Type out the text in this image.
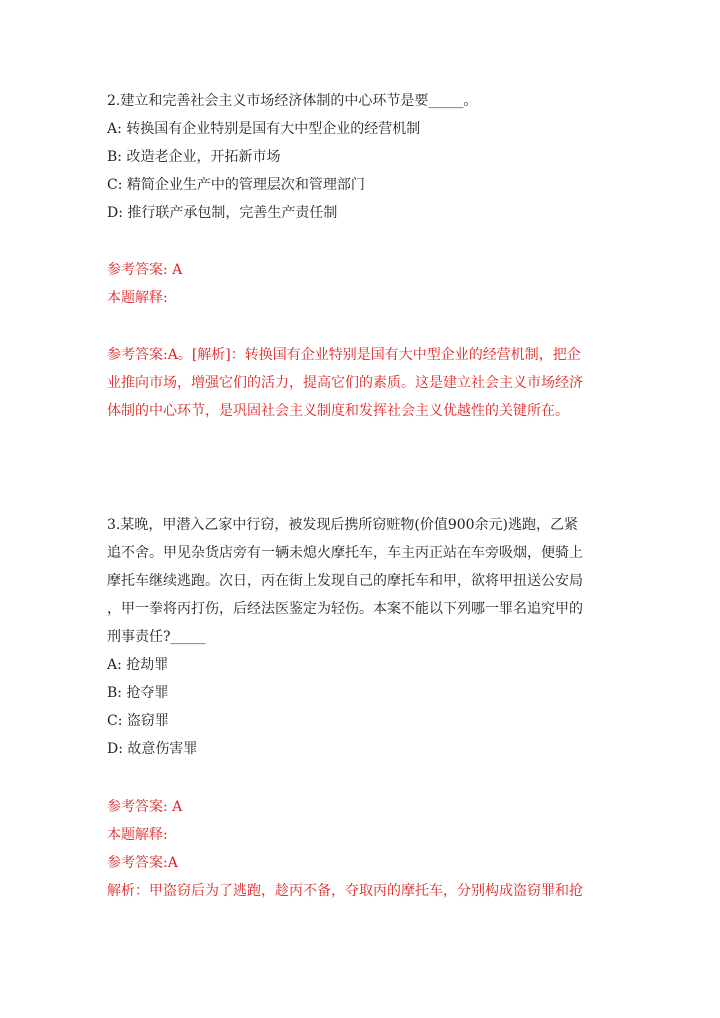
2.建立和完善社会主义市场经济体制的中心环节是要_____。
A: 转换国有企业特别是国有大中型企业的经营机制
B: 改造老企业，开拓新市场
C: 精简企业生产中的管理层次和管理部门
D: 推行联产承包制，完善生产责任制
参考答案: A
本题解释:
参考答案:A。[解析]：转换国有企业特别是国有大中型企业的经营机制，把企
业推向市场，增强它们的活力，提高它们的素质。这是建立社会主义市场经济
体制的中心环节，是巩固社会主义制度和发挥社会主义优越性的关键所在。
3.某晚，甲潜入乙家中行窃，被发现后携所窃赃物(价值900余元)逃跑，乙紧
追不舍。甲见杂货店旁有一辆未熄火摩托车，车主丙正站在车旁吸烟，便骑上
摩托车继续逃跑。次日，丙在街上发现自己的摩托车和甲，欲将甲扭送公安局
，甲一拳将丙打伤，后经法医鉴定为轻伤。本案不能以下列哪一罪名追究甲的
刑事责任?_____
A: 抢劫罪
B: 抢夺罪
C: 盗窃罪
D: 故意伤害罪
参考答案: A
本题解释:
参考答案:A
解析：甲盗窃后为了逃跑，趁丙不备，夺取丙的摩托车，分别构成盗窃罪和抢
